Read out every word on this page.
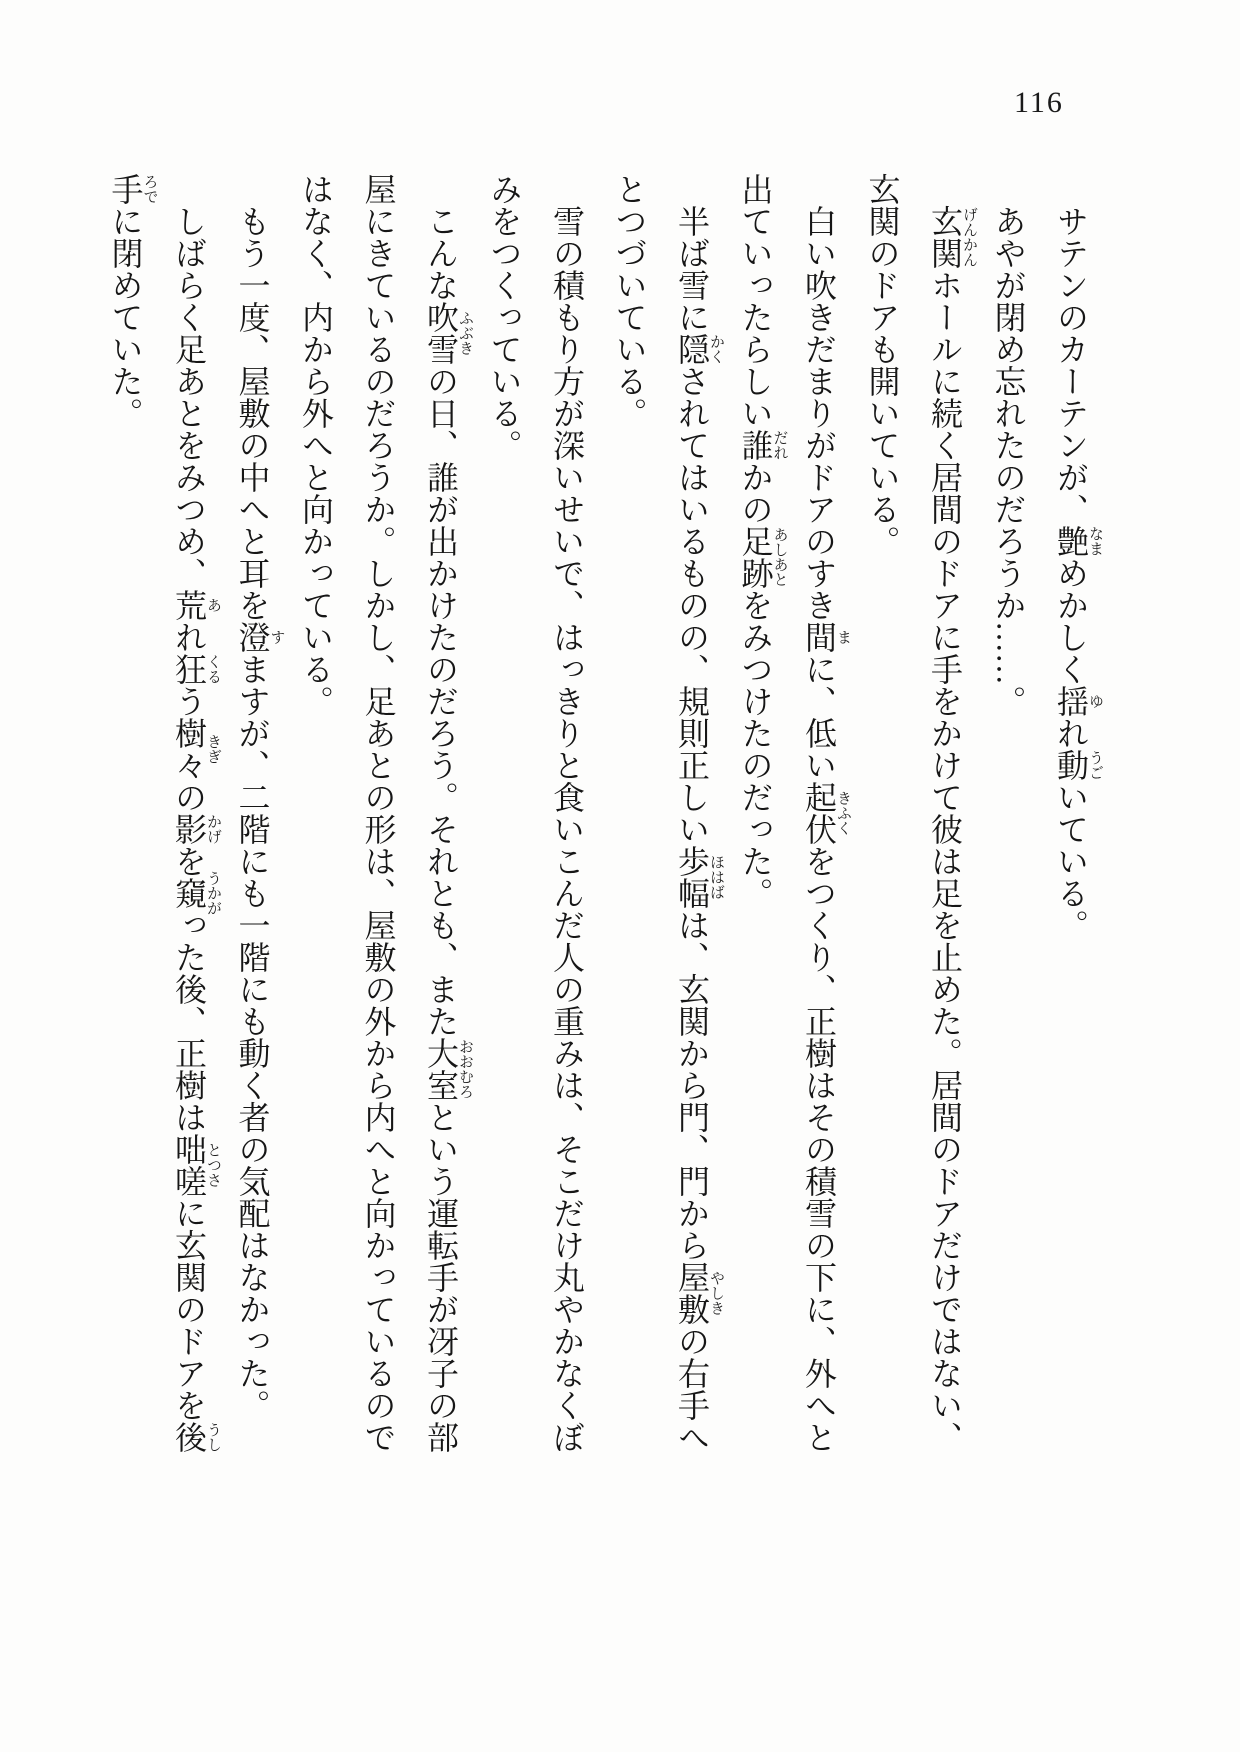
116
サテンのカーテンが、艶なまめかしく揺ゆれ動うごいている。
あやが閉め忘れたのだろうか……。
玄関げんかんホールに続く居間のドアに手をかけて彼は足を止めた。居間のドアだけではない、
玄関のドアも開いている。
白い吹きだまりがドアのすき間まに、低い起伏きふくをつくり、正樹はその積雪の下に、外へと
出ていったらしい誰だれかの足跡あしあとをみつけたのだった。
半ば雪に隠かくされてはいるものの、規則正しい歩幅ほはばは、玄関から門、門から屋敷やしきの右手へ
とつづいている。
雪の積もり方が深いせいで、はっきりと食いこんだ人の重みは、そこだけ丸やかなくぼ
みをつくっている。
こんな吹雪ふぶきの日、誰が出かけたのだろう。それとも、また大室おおむろという運転手が冴子の部
屋にきているのだろうか。しかし、足あとの形は、屋敷の外から内へと向かっているので
はなく、内から外へと向かっている。
もう一度、屋敷の中へと耳を澄すますが、二階にも一階にも動く者の気配はなかった。
しばらく足あとをみつめ、荒あれ狂くるう樹々きぎの影かげを窺うかがった後、正樹は咄嗟とつさに玄関のドアを後うし
手ろでに閉めていた。
